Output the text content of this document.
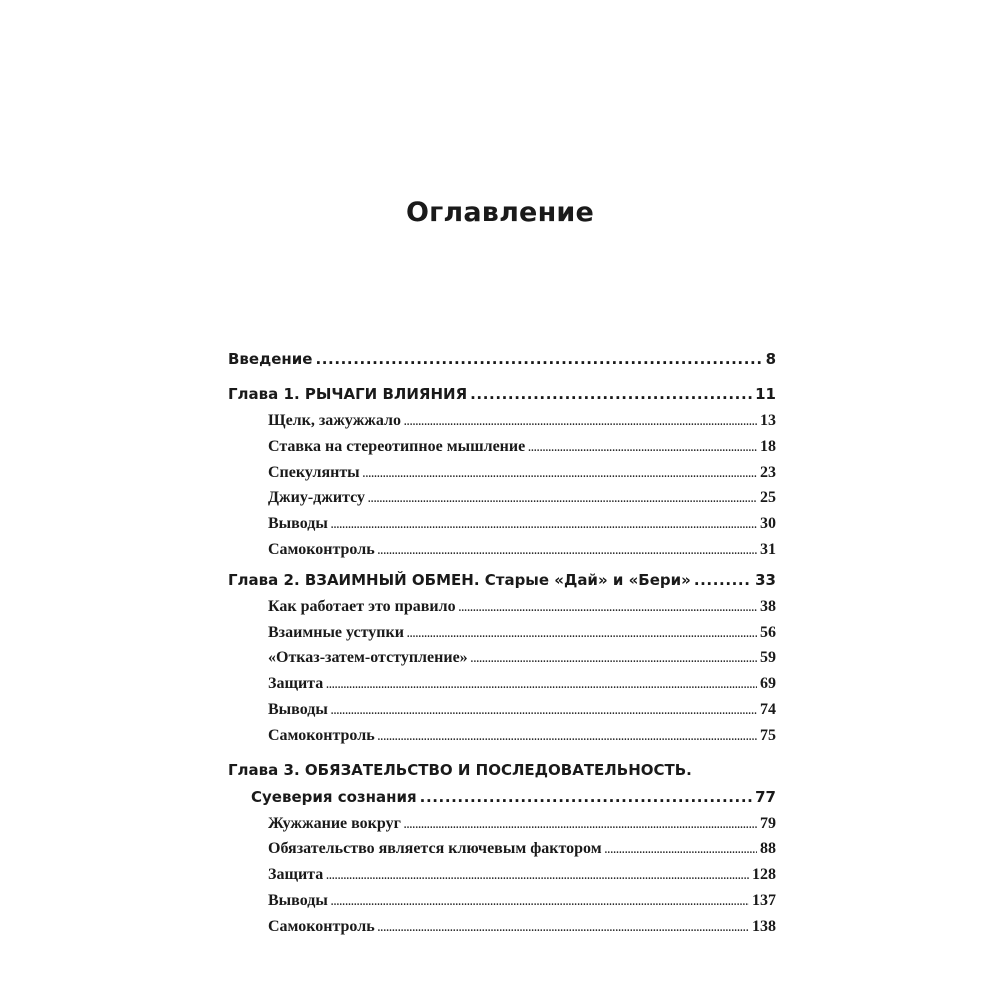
Оглавление
Введение .....	8
Глава 1. РЫЧАГИ ВЛИЯНИЯ .....	11
Щелк, зажужжало .....	13
Ставка на стереотипное мышление .....	18
Спекулянты .....	23
Джиу-джитсу .....	25
Выводы .....	30
Самоконтроль .....	31
Глава 2. ВЗАИМНЫЙ ОБМЕН. Старые «Дай» и «Бери» .....	33
Как работает это правило .....	38
Взаимные уступки .....	56
«Отказ-затем-отступление» .....	59
Защита .....	69
Выводы .....	74
Самоконтроль .....	75
Глава 3. ОБЯЗАТЕЛЬСТВО И ПОСЛЕДОВАТЕЛЬНОСТЬ.
Суеверия сознания .....	77
Жужжание вокруг .....	79
Обязательство является ключевым фактором .....	88
Защита .....	128
Выводы .....	137
Самоконтроль .....	138
